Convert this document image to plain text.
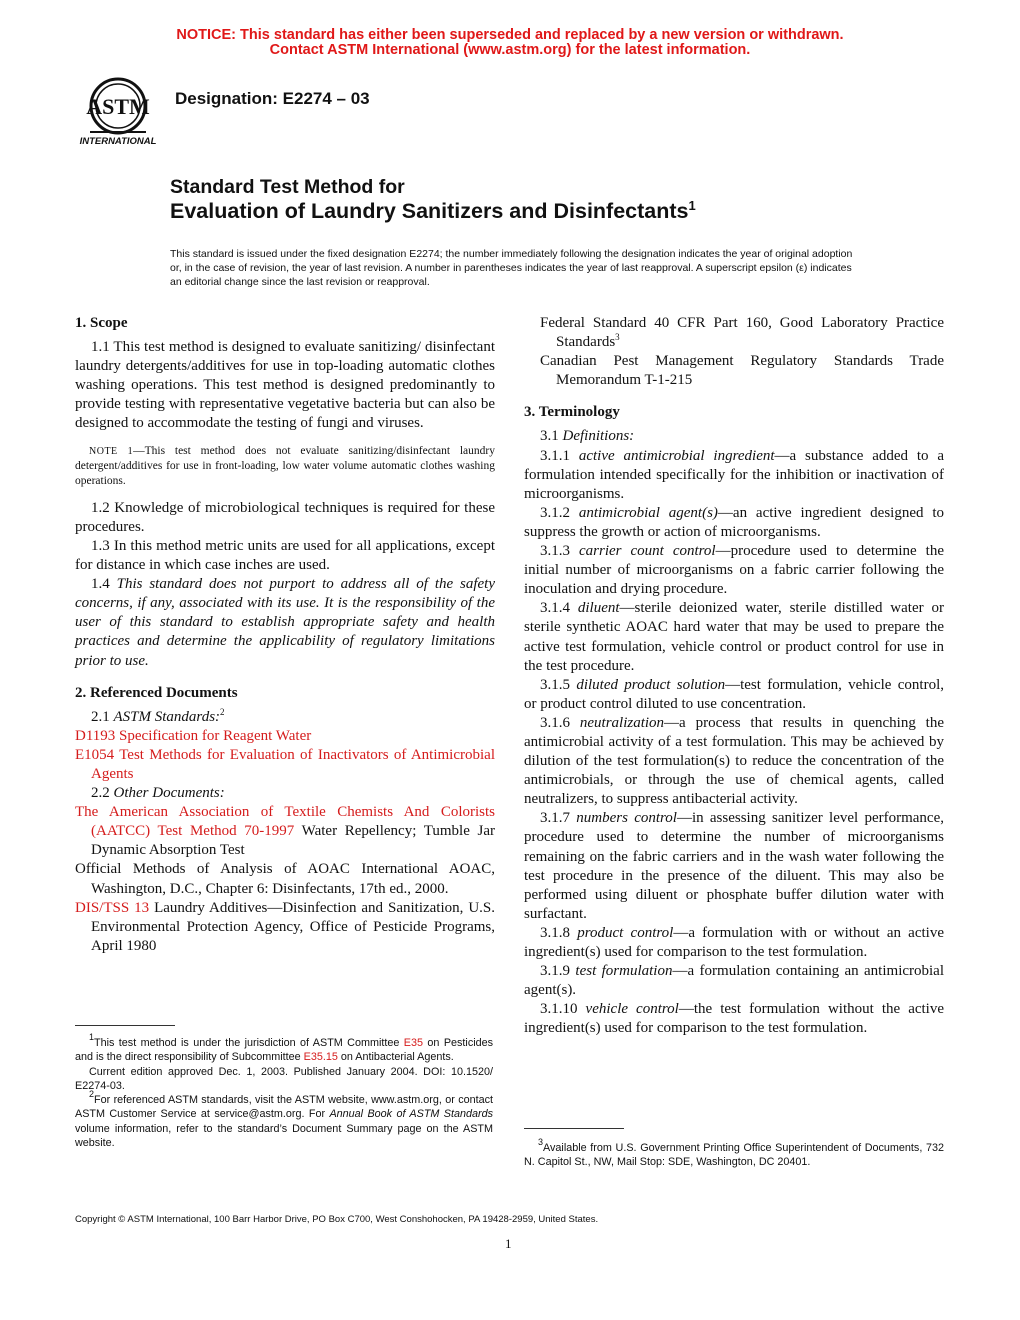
NOTICE: This standard has either been superseded and replaced by a new version or withdrawn.
Contact ASTM International (www.astm.org) for the latest information.
ASTM
INTERNATIONAL
Designation: E2274 – 03
Standard Test Method for
Evaluation of Laundry Sanitizers and Disinfectants$^1$
This standard is issued under the fixed designation E2274; the number immediately following the designation indicates the year of original adoption or, in the case of revision, the year of last revision. A number in parentheses indicates the year of last reapproval. A superscript epsilon (ε) indicates an editorial change since the last revision or reapproval.
1. Scope

1.1 This test method is designed to evaluate sanitizing/ disinfectant laundry detergents/additives for use in top-loading automatic clothes washing operations. This test method is designed predominantly to provide testing with representative vegetative bacteria but can also be designed to accommodate the testing of fungi and viruses.

NOTE 1—This test method does not evaluate sanitizing/disinfectant laundry detergent/additives for use in front-loading, low water volume automatic clothes washing operations.

1.2 Knowledge of microbiological techniques is required for these procedures.

1.3 In this method metric units are used for all applications, except for distance in which case inches are used.

1.4 This standard does not purport to address all of the safety concerns, if any, associated with its use. It is the responsibility of the user of this standard to establish appropriate safety and health practices and determine the applicability of regulatory limitations prior to use.

2. Referenced Documents

2.1 ASTM Standards:$^2$

D1193 Specification for Reagent Water
E1054 Test Methods for Evaluation of Inactivators of Antimicrobial Agents

2.2 Other Documents:

The American Association of Textile Chemists And Colorists (AATCC) Test Method 70-1997 Water Repellency; Tumble Jar Dynamic Absorption Test
Official Methods of Analysis of AOAC International AOAC, Washington, D.C., Chapter 6: Disinfectants, 17th ed., 2000.
DIS/TSS 13 Laundry Additives—Disinfection and Sanitization, U.S. Environmental Protection Agency, Office of Pesticide Programs, April 1980

$^1$This test method is under the jurisdiction of ASTM Committee E35 on Pesticides and is the direct responsibility of Subcommittee E35.15 on Antibacterial Agents.

Current edition approved Dec. 1, 2003. Published January 2004. DOI: 10.1520/ E2274-03.

$^2$For referenced ASTM standards, visit the ASTM website, www.astm.org, or contact ASTM Customer Service at service@astm.org. For Annual Book of ASTM Standards volume information, refer to the standard’s Document Summary page on the ASTM website.

Federal Standard 40 CFR Part 160, Good Laboratory Practice Standards$^3$
Canadian Pest Management Regulatory Standards Trade Memorandum T-1-215
3. Terminology

3.1 Definitions:

3.1.1 active antimicrobial ingredient—a substance added to a formulation intended specifically for the inhibition or inactivation of microorganisms.

3.1.2 antimicrobial agent(s)—an active ingredient designed to suppress the growth or action of microorganisms.

3.1.3 carrier count control—procedure used to determine the initial number of microorganisms on a fabric carrier following the inoculation and drying procedure.

3.1.4 diluent—sterile deionized water, sterile distilled water or sterile synthetic AOAC hard water that may be used to prepare the active test formulation, vehicle control or product control for use in the test procedure.

3.1.5 diluted product solution—test formulation, vehicle control, or product control diluted to use concentration.

3.1.6 neutralization—a process that results in quenching the antimicrobial activity of a test formulation. This may be achieved by dilution of the test formulation(s) to reduce the concentration of the antimicrobials, or through the use of chemical agents, called neutralizers, to suppress antibacterial activity.

3.1.7 numbers control—in assessing sanitizer level performance, procedure used to determine the number of microorganisms remaining on the fabric carriers and in the wash water following the test procedure in the presence of the diluent. This may also be performed using diluent or phosphate buffer dilution water with surfactant.

3.1.8 product control—a formulation with or without an active ingredient(s) used for comparison to the test formulation.

3.1.9 test formulation—a formulation containing an antimicrobial agent(s).

3.1.10 vehicle control—the test formulation without the active ingredient(s) used for comparison to the test formulation.

$^3$Available from U.S. Government Printing Office Superintendent of Documents, 732 N. Capitol St., NW, Mail Stop: SDE, Washington, DC 20401.

Copyright © ASTM International, 100 Barr Harbor Drive, PO Box C700, West Conshohocken, PA 19428-2959, United States.
1
